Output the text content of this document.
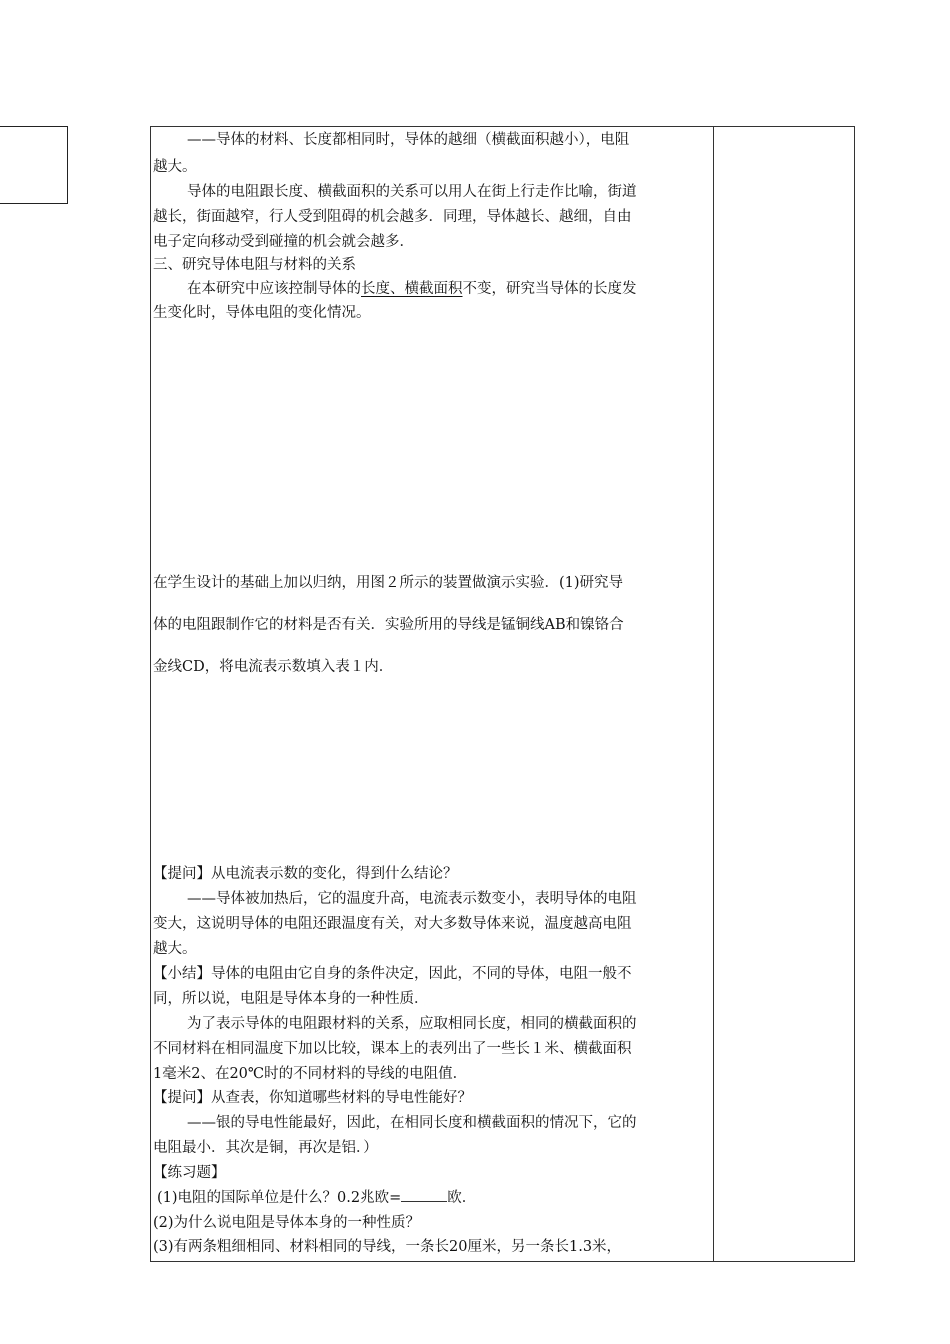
——导体的材料、长度都相同时，导体的越细（横截面积越小），电阻
越大。
导体的电阻跟长度、横截面积的关系可以用人在街上行走作比喻，街道
越长，街面越窄，行人受到阻碍的机会越多．同理，导体越长、越细，自由
电子定向移动受到碰撞的机会就会越多．
三、研究导体电阻与材料的关系
在本研究中应该控制导体的长度、横截面积不变，研究当导体的长度发
生变化时，导体电阻的变化情况。
在学生设计的基础上加以归纳，用图２所示的装置做演示实验．(1)研究导
体的电阻跟制作它的材料是否有关．实验所用的导线是锰铜线AB和镍铬合
金线CD，将电流表示数填入表１内．
【提问】从电流表示数的变化，得到什么结论？
——导体被加热后，它的温度升高，电流表示数变小，表明导体的电阻
变大，这说明导体的电阻还跟温度有关，对大多数导体来说，温度越高电阻
越大。
【小结】导体的电阻由它自身的条件决定，因此，不同的导体，电阻一般不
同，所以说，电阻是导体本身的一种性质．
为了表示导体的电阻跟材料的关系，应取相同长度，相同的横截面积的
不同材料在相同温度下加以比较，课本上的表列出了一些长１米、横截面积
1毫米2、在20℃时的不同材料的导线的电阻值．
【提问】从查表，你知道哪些材料的导电性能好？
——银的导电性能最好，因此，在相同长度和横截面积的情况下，它的
电阻最小．其次是铜，再次是铝．）
【练习题】
(1)电阻的国际单位是什么？0.2兆欧=	欧．
(2)为什么说电阻是导体本身的一种性质？
(3)有两条粗细相同、材料相同的导线，一条长20厘米，另一条长1.3米，
